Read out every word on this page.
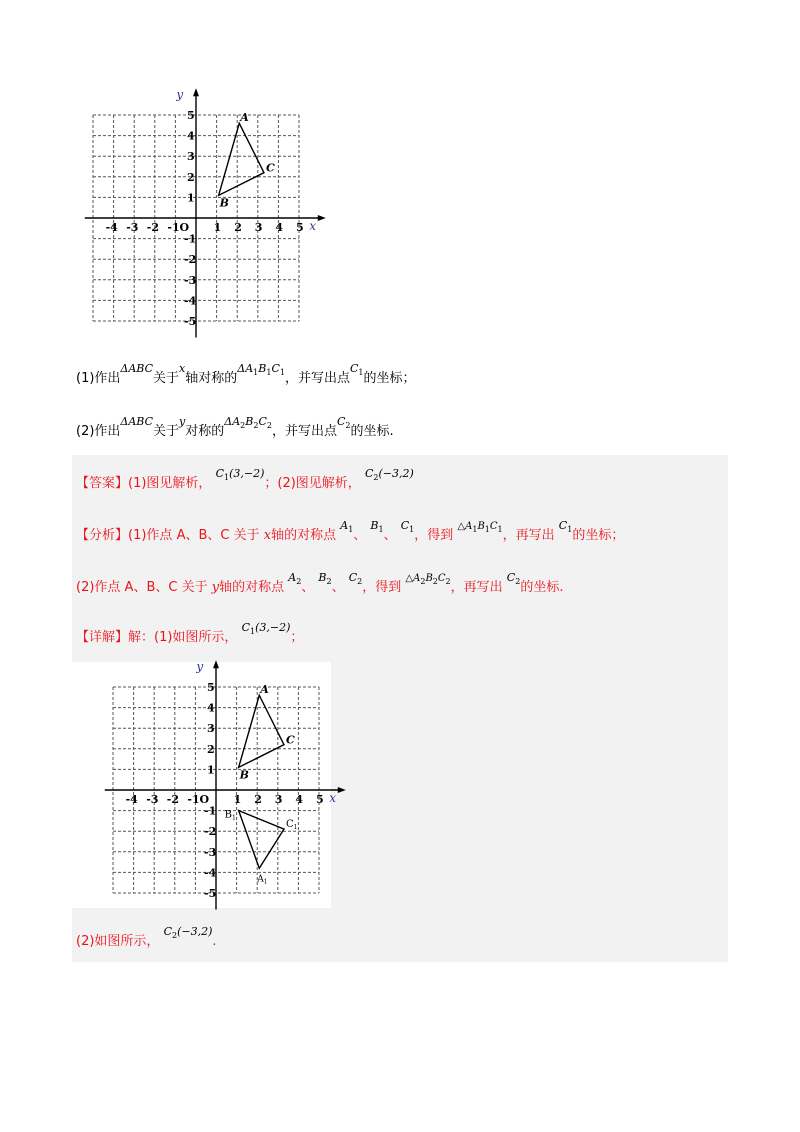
x
y
-4 -3 -2 -1 O 1 2 3 4 5
5
4
3
2
1
-1
-2
-3
-4
-5
A
B
C
(1)作出$^{\Delta ABC}$关于$^x$轴对称的$^{\Delta A_1B_1C_1}$，并写出点$^{C_1}$的坐标；
(2)作出$^{\Delta ABC}$关于$^y$对称的$^{\Delta A_2B_2C_2}$，并写出点$^{C_2}$的坐标.
【答案】(1)图见解析， $^{C_1(3,-2)}$；(2)图见解析， $^{C_2(-3,2)}$
【分析】(1)作点 A、B、C 关于 x轴的对称点 $^{A_1}$、 $^{B_1}$、 $^{C_1}$，得到 $^{\triangle A_1B_1C_1}$，再写出 $^{C_1}$的坐标；
(2)作点 A、B、C 关于 y轴的对称点 $^{A_2}$、 $^{B_2}$、 $^{C_2}$，得到 $^{\triangle A_2B_2C_2}$，再写出 $^{C_2}$的坐标.
【详解】解：(1)如图所示， $^{C_1(3,-2)}$；
x
y
-4 -3 -2 -1 O 1 2 3 4 5
5
4
3
2
1
-1
-2
-3
-4
-5
A
B
C
$A_1$
$B_1$
$C_1$
(2)如图所示， $^{C_2(-3,2)}$.
